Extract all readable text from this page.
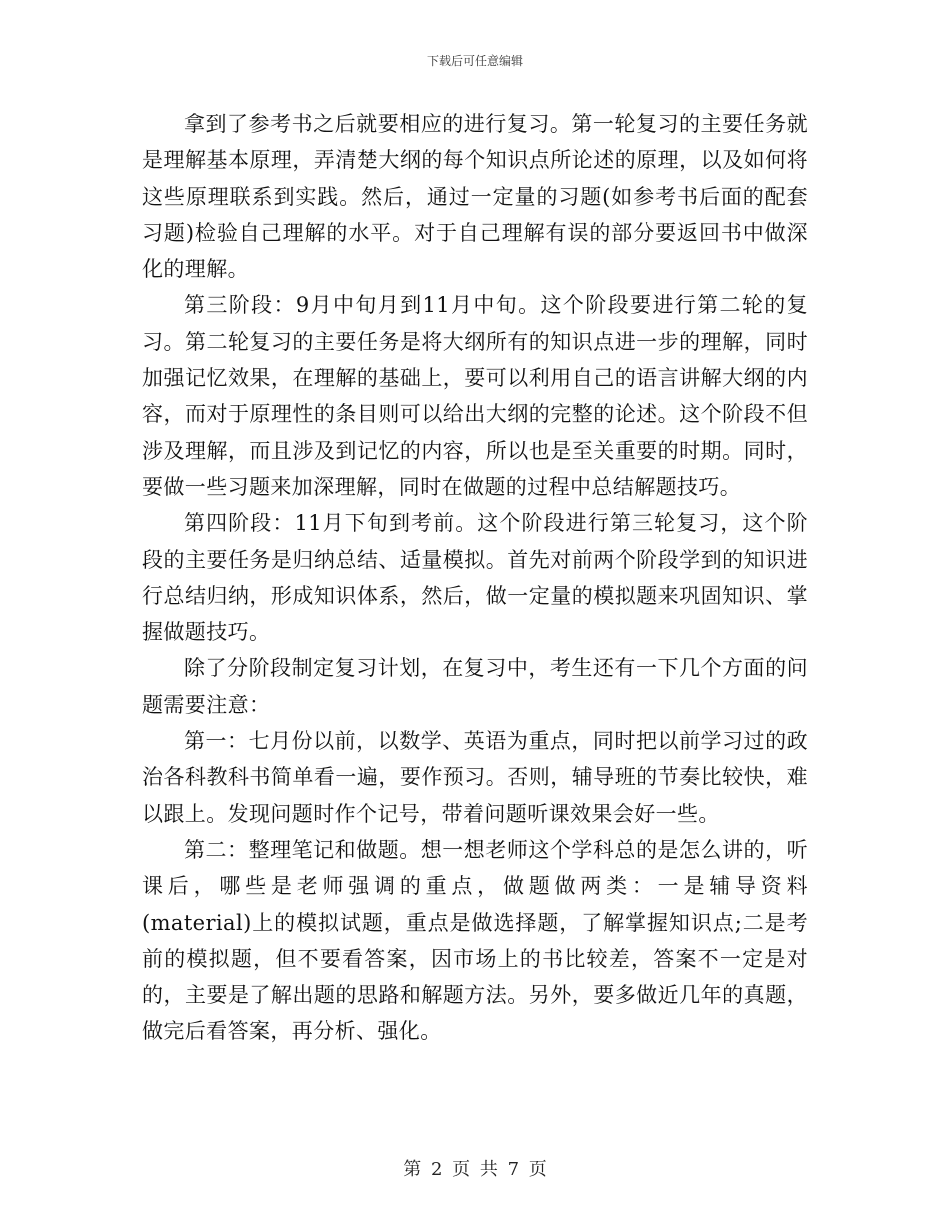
下载后可任意编辑

拿到了参考书之后就要相应的进行复习。第一轮复习的主要任务就是理解基本原理，弄清楚大纲的每个知识点所论述的原理，以及如何将这些原理联系到实践。然后，通过一定量的习题(如参考书后面的配套习题)检验自己理解的水平。对于自己理解有误的部分要返回书中做深化的理解。

第三阶段：9月中旬月到11月中旬。这个阶段要进行第二轮的复习。第二轮复习的主要任务是将大纲所有的知识点进一步的理解，同时加强记忆效果，在理解的基础上，要可以利用自己的语言讲解大纲的内容，而对于原理性的条目则可以给出大纲的完整的论述。这个阶段不但涉及理解，而且涉及到记忆的内容，所以也是至关重要的时期。同时，要做一些习题来加深理解，同时在做题的过程中总结解题技巧。

第四阶段：11月下旬到考前。这个阶段进行第三轮复习，这个阶段的主要任务是归纳总结、适量模拟。首先对前两个阶段学到的知识进行总结归纳，形成知识体系，然后，做一定量的模拟题来巩固知识、掌握做题技巧。

除了分阶段制定复习计划，在复习中，考生还有一下几个方面的问题需要注意：

第一：七月份以前，以数学、英语为重点，同时把以前学习过的政治各科教科书简单看一遍，要作预习。否则，辅导班的节奏比较快，难以跟上。发现问题时作个记号，带着问题听课效果会好一些。

第二：整理笔记和做题。想一想老师这个学科总的是怎么讲的，听课后，哪些是老师强调的重点，做题做两类：一是辅导资料(material)上的模拟试题，重点是做选择题，了解掌握知识点;二是考前的模拟题，但不要看答案，因市场上的书比较差，答案不一定是对的，主要是了解出题的思路和解题方法。另外，要多做近几年的真题，做完后看答案，再分析、强化。

第 2 页 共 7 页
